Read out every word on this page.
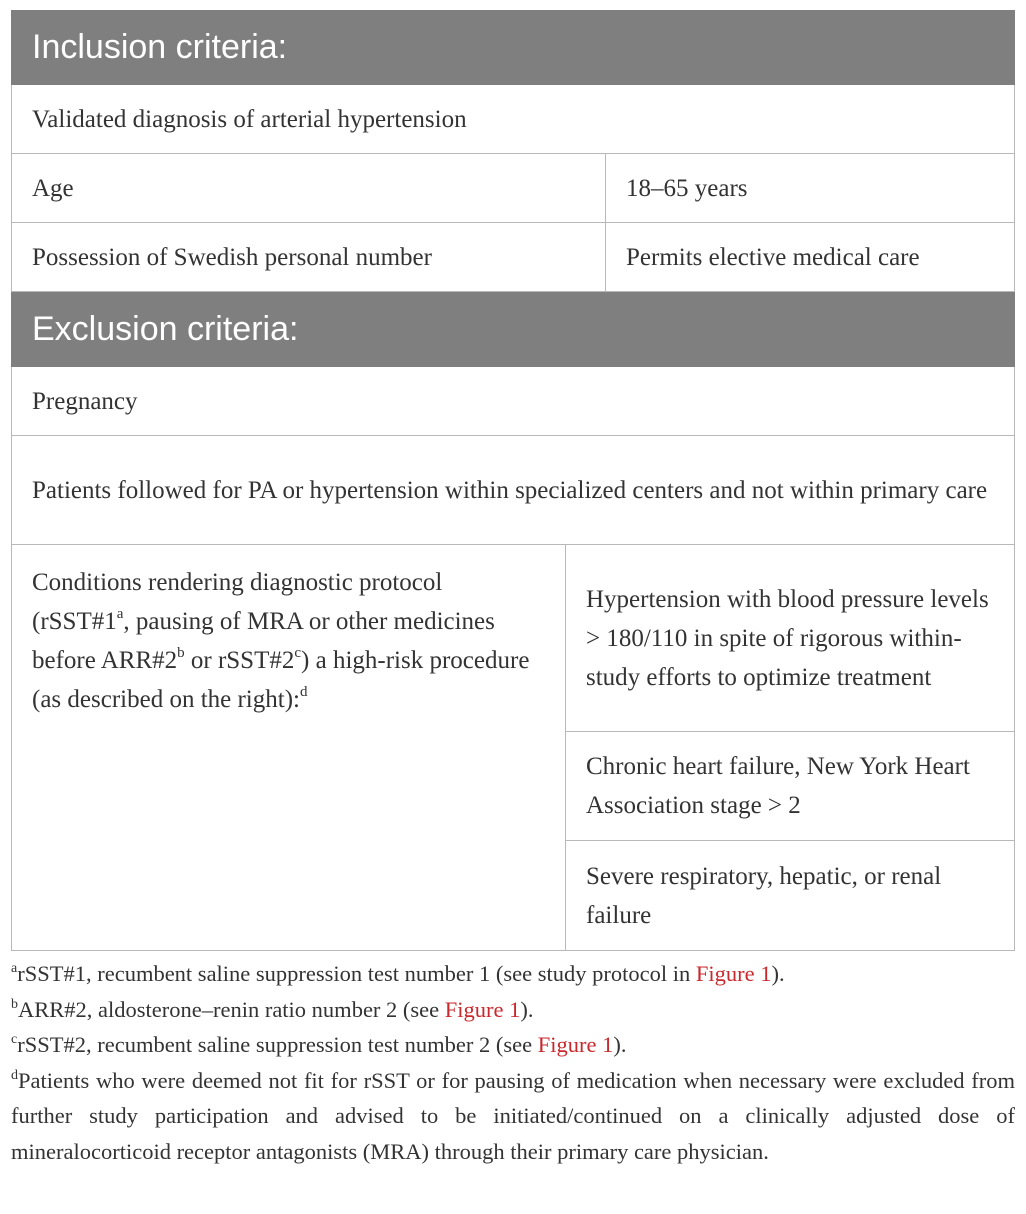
Inclusion criteria:
Validated diagnosis of arterial hypertension
Age	18–65 years
Possession of Swedish personal number	Permits elective medical care
Exclusion criteria:
Pregnancy
Patients followed for PA or hypertension within specialized centers and not within primary care
Conditions rendering diagnostic protocol (rSST#1$^a$, pausing of MRA or other medicines before ARR#2$^b$ or rSST#2$^c$) a high-risk procedure (as described on the right):$^d$
Hypertension with blood pressure levels > 180/110 in spite of rigorous within-study efforts to optimize treatment
Chronic heart failure, New York Heart Association stage > 2
Severe respiratory, hepatic, or renal failure
$^a$rSST#1, recumbent saline suppression test number 1 (see study protocol in Figure 1).
$^b$ARR#2, aldosterone–renin ratio number 2 (see Figure 1).
$^c$rSST#2, recumbent saline suppression test number 2 (see Figure 1).
$^d$Patients who were deemed not fit for rSST or for pausing of medication when necessary were excluded from further study participation and advised to be initiated/continued on a clinically adjusted dose of mineralocorticoid receptor antagonists (MRA) through their primary care physician.
